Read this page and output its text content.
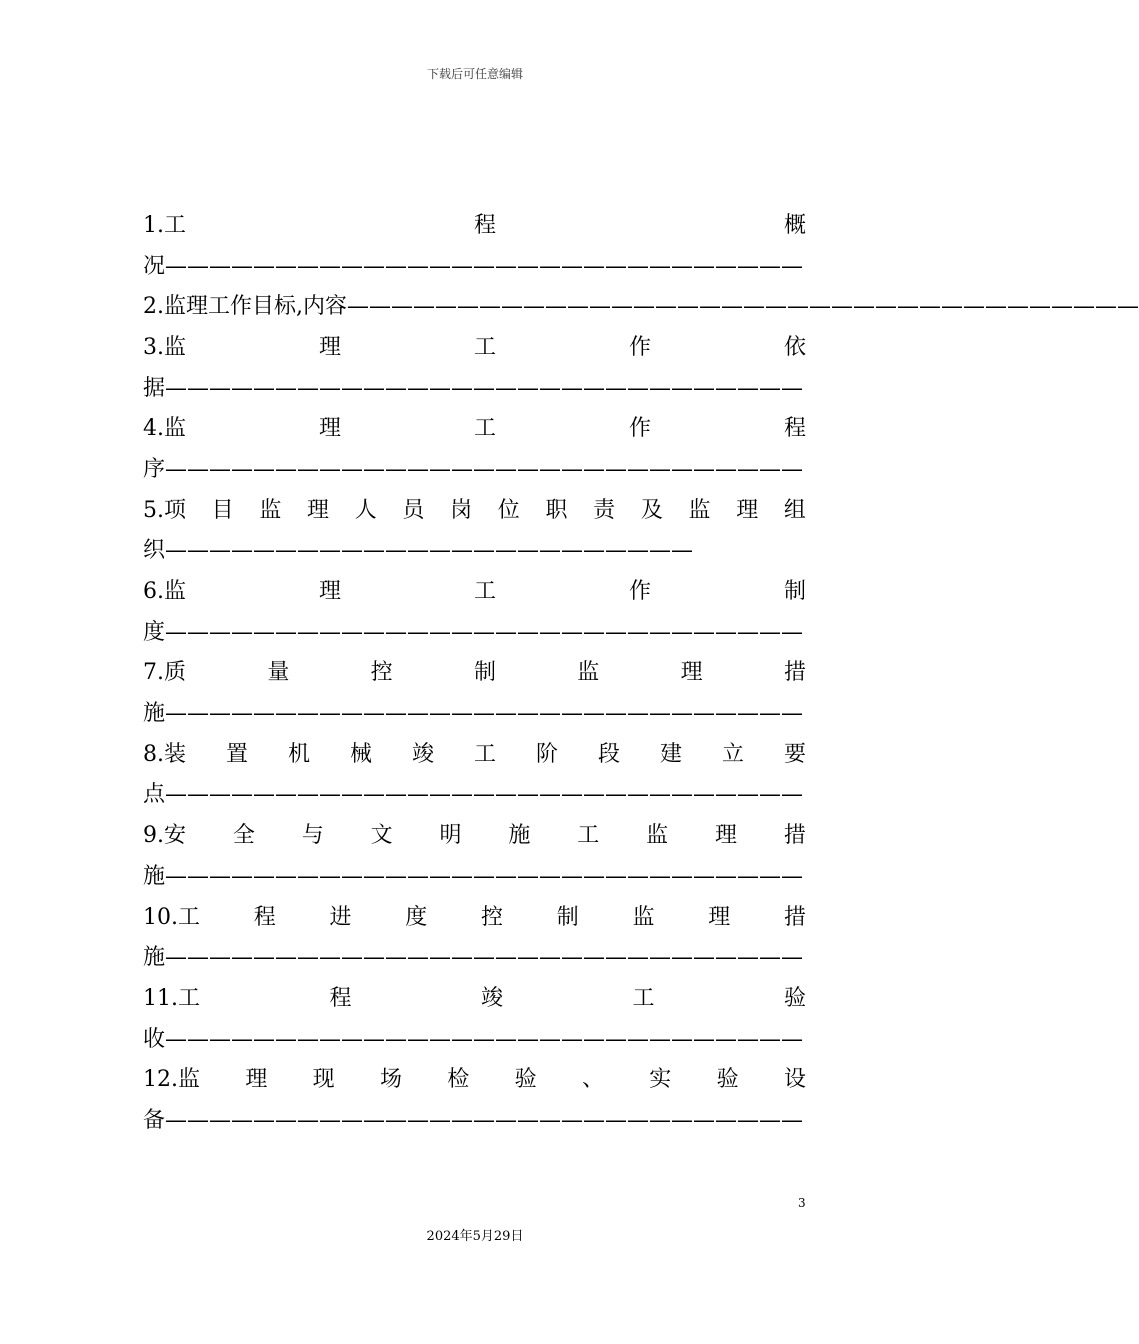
下载后可任意编辑
1.工	程	概
况—————————————————————————————
2.监理工作目标,内容————————————————————————————————————
3.监	理	工	作	依
据—————————————————————————————
4.监	理	工	作	程
序—————————————————————————————
5.项 目 监 理 人 员 岗 位 职 责 及 监 理 组
织————————————————————————
6.监	理	工	作	制
度—————————————————————————————
7.质	量	控	制	监	理	措
施—————————————————————————————
8.装 置 机 械 竣 工 阶 段 建 立 要
点—————————————————————————————
9.安 全 与 文 明 施 工 监 理 措
施—————————————————————————————
10.工 程 进 度 控 制 监 理 措
施—————————————————————————————
11.工	程	竣	工	验
收—————————————————————————————
12.监 理 现 场 检 验 、 实 验 设
备—————————————————————————————
3
2024年5月29日
